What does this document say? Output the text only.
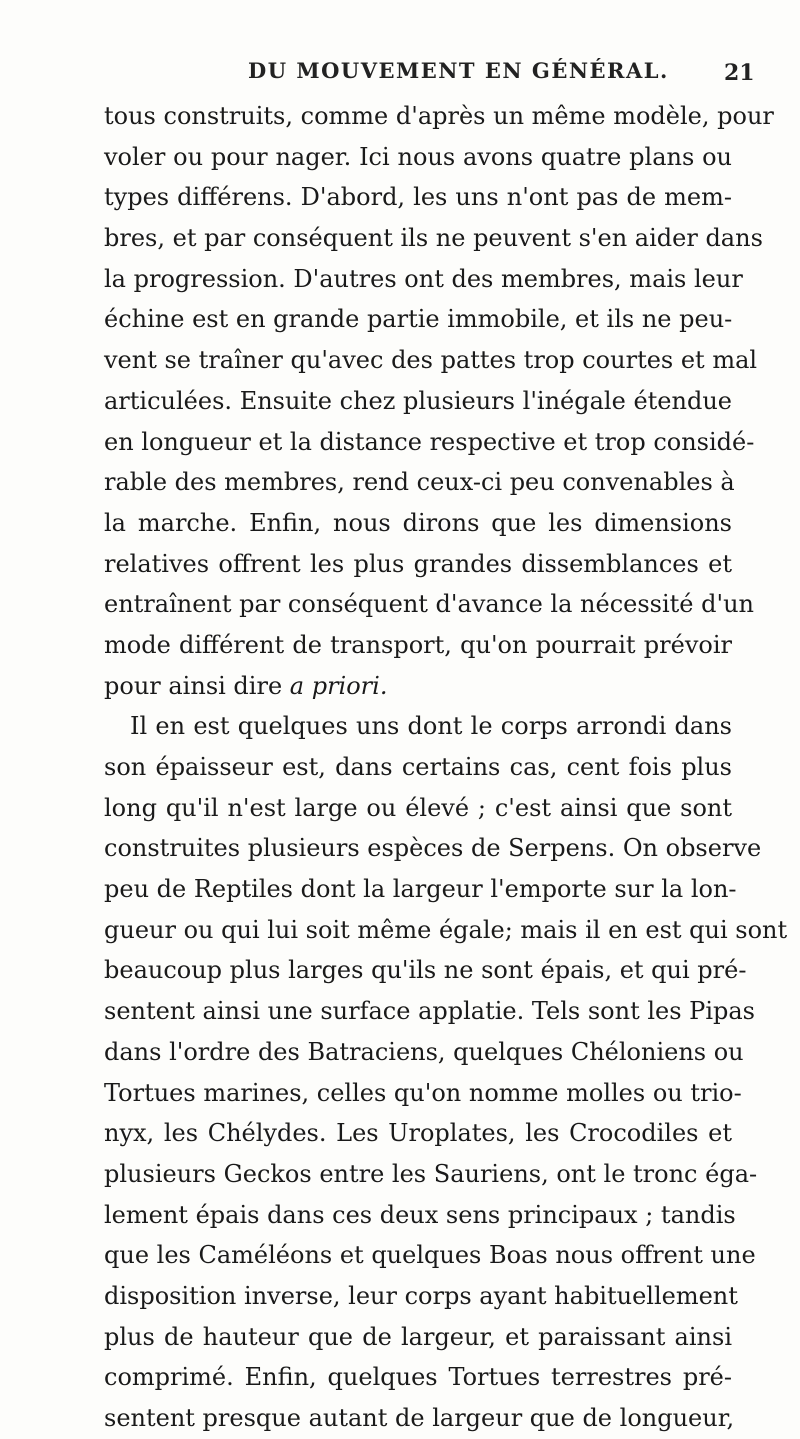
DU MOUVEMENT EN GÉNÉRAL.	21
tous construits, comme d'après un même modèle, pour
voler ou pour nager. Ici nous avons quatre plans ou
types différens. D'abord, les uns n'ont pas de mem-
bres, et par conséquent ils ne peuvent s'en aider dans
la progression. D'autres ont des membres, mais leur
échine est en grande partie immobile, et ils ne peu-
vent se traîner qu'avec des pattes trop courtes et mal
articulées. Ensuite chez plusieurs l'inégale étendue
en longueur et la distance respective et trop considé-
rable des membres, rend ceux-ci peu convenables à
la marche. Enfin, nous dirons que les dimensions
relatives offrent les plus grandes dissemblances et
entraînent par conséquent d'avance la nécessité d'un
mode différent de transport, qu'on pourrait prévoir
pour ainsi dire a priori.
Il en est quelques uns dont le corps arrondi dans
son épaisseur est, dans certains cas, cent fois plus
long qu'il n'est large ou élevé ; c'est ainsi que sont
construites plusieurs espèces de Serpens. On observe
peu de Reptiles dont la largeur l'emporte sur la lon-
gueur ou qui lui soit même égale; mais il en est qui sont
beaucoup plus larges qu'ils ne sont épais, et qui pré-
sentent ainsi une surface applatie. Tels sont les Pipas
dans l'ordre des Batraciens, quelques Chéloniens ou
Tortues marines, celles qu'on nomme molles ou trio-
nyx, les Chélydes. Les Uroplates, les Crocodiles et
plusieurs Geckos entre les Sauriens, ont le tronc éga-
lement épais dans ces deux sens principaux ; tandis
que les Caméléons et quelques Boas nous offrent une
disposition inverse, leur corps ayant habituellement
plus de hauteur que de largeur, et paraissant ainsi
comprimé. Enfin, quelques Tortues terrestres pré-
sentent presque autant de largeur que de longueur,
